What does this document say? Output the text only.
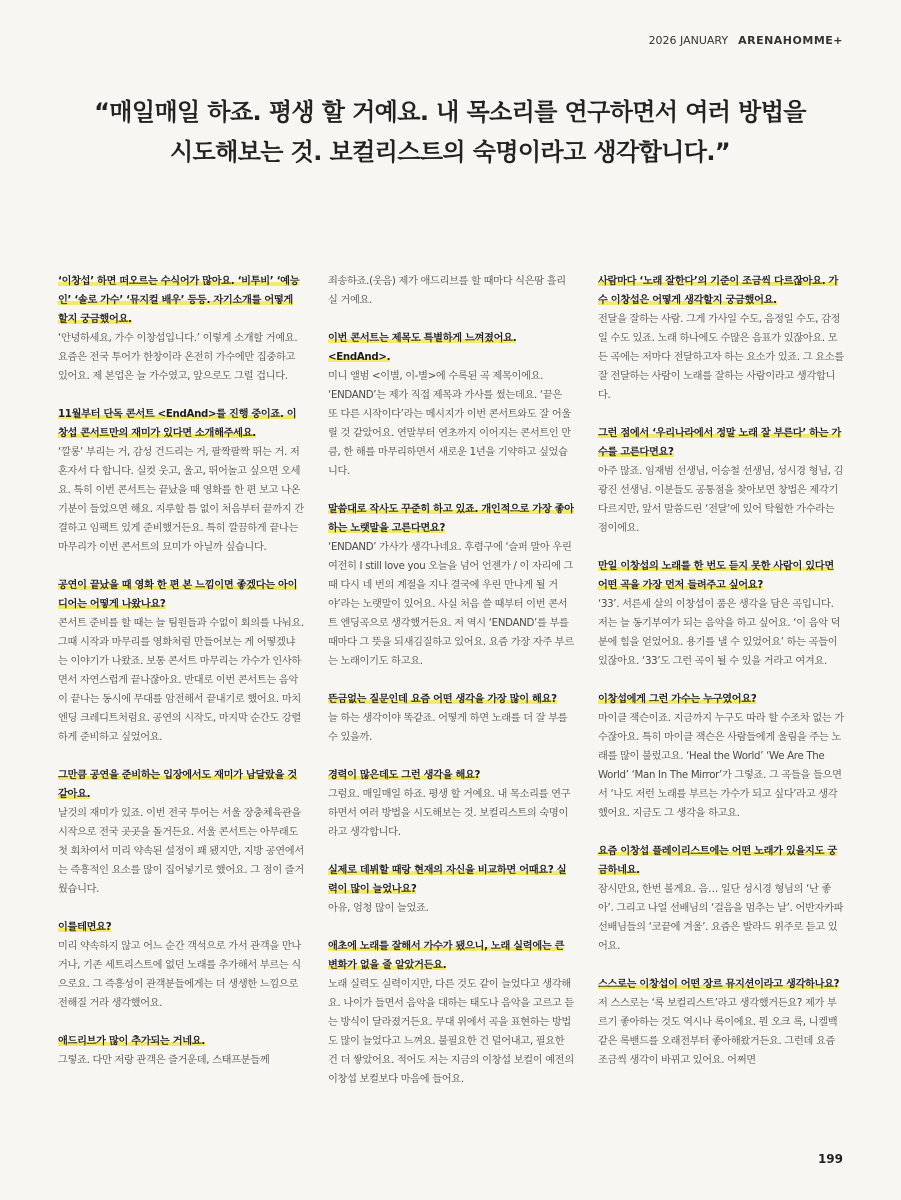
2026 JANUARY ARENAHOMME+
“매일매일 하죠. 평생 할 거예요. 내 목소리를 연구하면서 여러 방법을
시도해보는 것. 보컬리스트의 숙명이라고 생각합니다.”
‘이창섭’ 하면 떠오르는 수식어가 많아요. ‘비투비’ ‘예능인’ ‘솔로 가수’ ‘뮤지컬 배우’ 등등. 자기소개를 어떻게 할지 궁금했어요.
‘안녕하세요, 가수 이창섭입니다.’ 이렇게 소개할 거예요. 요즘은 전국 투어가 한창이라 온전히 가수에만 집중하고 있어요. 제 본업은 늘 가수였고, 앞으로도 그럴 겁니다.
11월부터 단독 콘서트 <EndAnd>를 진행 중이죠. 이창섭 콘서트만의 재미가 있다면 소개해주세요.
‘깔롱’ 부리는 거, 감성 건드리는 거, 팔짝팔짝 뛰는 거. 저 혼자서 다 합니다. 실컷 웃고, 울고, 뛰어놀고 싶으면 오세요. 특히 이번 콘서트는 끝났을 때 영화를 한 편 보고 나온 기분이 들었으면 해요. 지루할 틈 없이 처음부터 끝까지 간결하고 임팩트 있게 준비했거든요. 특히 깔끔하게 끝나는 마무리가 이번 콘서트의 묘미가 아닐까 싶습니다.
공연이 끝났을 때 영화 한 편 본 느낌이면 좋겠다는 아이디어는 어떻게 나왔나요?
콘서트 준비를 할 때는 늘 팀원들과 수없이 회의를 나눠요. 그때 시작과 마무리를 영화처럼 만들어보는 게 어떻겠냐는 이야기가 나왔죠. 보통 콘서트 마무리는 가수가 인사하면서 자연스럽게 끝나잖아요. 반대로 이번 콘서트는 음악이 끝나는 동시에 무대를 암전해서 끝내기로 했어요. 마치 엔딩 크레디트처럼요. 공연의 시작도, 마지막 순간도 강렬하게 준비하고 싶었어요.
그만큼 공연을 준비하는 입장에서도 재미가 남달랐을 것 같아요.
날것의 재미가 있죠. 이번 전국 투어는 서울 장충체육관을 시작으로 전국 곳곳을 돌거든요. 서울 콘서트는 아무래도 첫 회차여서 미리 약속된 설정이 꽤 됐지만, 지방 공연에서는 즉흥적인 요소를 많이 집어넣기로 했어요. 그 점이 즐거웠습니다.
이를테면요?
미리 약속하지 않고 어느 순간 객석으로 가서 관객을 만나거나, 기존 세트리스트에 없던 노래를 추가해서 부르는 식으로요. 그 즉흥성이 관객분들에게는 더 생생한 느낌으로 전해질 거라 생각했어요.
애드리브가 많이 추가되는 거네요.
그렇죠. 다만 저랑 관객은 즐거운데, 스태프분들께
죄송하죠.(웃음) 제가 애드리브를 할 때마다 식은땀 흘리실 거예요.
이번 콘서트는 제목도 특별하게 느껴졌어요. <EndAnd>.
미니 앨범 <이별, 이-별>에 수록된 곡 제목이에요. ‘ENDAND’는 제가 직접 제목과 가사를 썼는데요. ‘끝은 또 다른 시작이다’라는 메시지가 이번 콘서트와도 잘 어울릴 것 같았어요. 연말부터 연초까지 이어지는 콘서트인 만큼, 한 해를 마무리하면서 새로운 1년을 기약하고 싶었습니다.
말씀대로 작사도 꾸준히 하고 있죠. 개인적으로 가장 좋아하는 노랫말을 고른다면요?
‘ENDAND’ 가사가 생각나네요. 후렴구에 ‘슬퍼 말아 우린 여전히 I still love you 오늘을 넘어 언젠가 / 이 자리에 그때 다시 네 번의 계절을 지나 결국에 우린 만나게 될 거야’라는 노랫말이 있어요. 사실 처음 쓸 때부터 이번 콘서트 엔딩곡으로 생각했거든요. 저 역시 ‘ENDAND’를 부를 때마다 그 뜻을 되새김질하고 있어요. 요즘 가장 자주 부르는 노래이기도 하고요.
뜬금없는 질문인데 요즘 어떤 생각을 가장 많이 해요?
늘 하는 생각이야 똑같죠. 어떻게 하면 노래를 더 잘 부를 수 있을까.
경력이 많은데도 그런 생각을 해요?
그럼요. 매일매일 하죠. 평생 할 거예요. 내 목소리를 연구하면서 여러 방법을 시도해보는 것. 보컬리스트의 숙명이라고 생각합니다.
실제로 데뷔할 때랑 현재의 자신을 비교하면 어때요? 실력이 많이 늘었나요?
아유, 엄청 많이 늘었죠.
애초에 노래를 잘해서 가수가 됐으니, 노래 실력에는 큰 변화가 없을 줄 알았거든요.
노래 실력도 실력이지만, 다른 것도 같이 늘었다고 생각해요. 나이가 들면서 음악을 대하는 태도나 음악을 고르고 듣는 방식이 달라졌거든요. 무대 위에서 곡을 표현하는 방법도 많이 늘었다고 느껴요. 불필요한 건 덜어내고, 필요한 건 더 쌓았어요. 적어도 저는 지금의 이창섭 보컬이 예전의 이창섭 보컬보다 마음에 들어요.
사람마다 ‘노래 잘한다’의 기준이 조금씩 다르잖아요. 가수 이창섭은 어떻게 생각할지 궁금했어요.
전달을 잘하는 사람. 그게 가사일 수도, 음정일 수도, 감정일 수도 있죠. 노래 하나에도 수많은 음표가 있잖아요. 모든 곡에는 저마다 전달하고자 하는 요소가 있죠. 그 요소를 잘 전달하는 사람이 노래를 잘하는 사람이라고 생각합니다.
그런 점에서 ‘우리나라에서 정말 노래 잘 부른다’ 하는 가수를 고른다면요?
아주 많죠. 임재범 선생님, 이승철 선생님, 성시경 형님, 김광진 선생님. 이분들도 공통점을 찾아보면 창법은 제각기 다르지만, 앞서 말씀드린 ‘전달’에 있어 탁월한 가수라는 점이에요.
만일 이창섭의 노래를 한 번도 듣지 못한 사람이 있다면 어떤 곡을 가장 먼저 들려주고 싶어요?
‘33’. 서른세 살의 이창섭이 품은 생각을 담은 곡입니다. 저는 늘 동기부여가 되는 음악을 하고 싶어요. ‘이 음악 덕분에 힘을 얻었어요. 용기를 낼 수 있었어요’ 하는 곡들이 있잖아요. ‘33’도 그런 곡이 될 수 있을 거라고 여겨요.
이창섭에게 그런 가수는 누구였어요?
마이클 잭슨이죠. 지금까지 누구도 따라 할 수조차 없는 가수잖아요. 특히 마이클 잭슨은 사람들에게 울림을 주는 노래를 많이 불렀고요. ‘Heal the World’ ‘We Are The World’ ‘Man In The Mirror’가 그렇죠. 그 곡들을 들으면서 ‘나도 저런 노래를 부르는 가수가 되고 싶다’라고 생각했어요. 지금도 그 생각을 하고요.
요즘 이창섭 플레이리스트에는 어떤 노래가 있을지도 궁금하네요.
잠시만요, 한번 볼게요. 음… 일단 성시경 형님의 ‘난 좋아’. 그리고 나얼 선배님의 ‘걸음을 멈추는 날’. 어반자카파 선배님들의 ‘코끝에 겨울’. 요즘은 발라드 위주로 듣고 있어요.
스스로는 이창섭이 어떤 장르 뮤지션이라고 생각하나요?
저 스스로는 ‘록 보컬리스트’라고 생각했거든요? 제가 부르기 좋아하는 것도 역시나 록이에요. 뭔 오크 록, 니켈백 같은 록밴드를 오래전부터 좋아해왔거든요. 그런데 요즘 조금씩 생각이 바뀌고 있어요. 어쩌면
199
